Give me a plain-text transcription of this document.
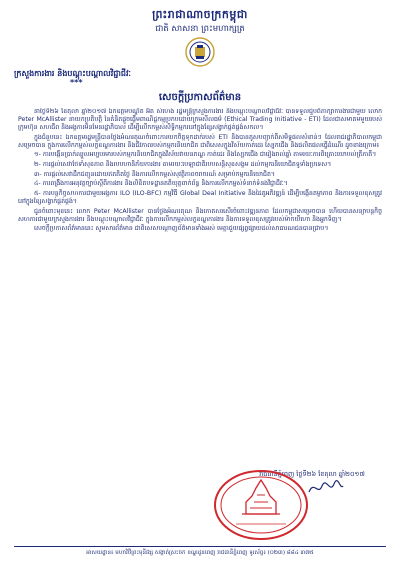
ព្រះរាជាណាចក្រកម្ពុជា
ជាតិ សាសនា ព្រះមហាក្សត្រ
ក្រសួងការងារ និងបណ្តុះបណ្តាលវិជ្ជាជីវៈ
***
សេចក្តីប្រកាសព័ត៌មាន

នាថ្ងៃទី២៦ ខែតុលា ឆ្នាំ២០១៧ ឯកឧត្តមបណ្ឌិត អ៊ិត សំហេង រដ្ឋមន្ត្រីក្រសួងការងារ និងបណ្តុះបណ្តាលវិជ្ជាជីវៈ បានទទួលជួបពិភាក្សាការងារជាមួយ លោក Peter McAllister នាយកប្រតិបត្តិ នៃគំនិតផ្តួចផ្តើមពាណិជ្ជកម្មប្រកបដោយក្រមសីលធម៌ (Ethical Trading Initiative - ETI) ដែលជាសមាគមមួយរបស់ក្រុមហ៊ុន សហជីព និងអង្គការមិនមែនរដ្ឋាភិបាល ដើម្បីលើកកម្ពស់សិទ្ធិកម្មករនៅក្នុងខ្សែសង្វាក់ផ្គត់ផ្គង់សកល។

ក្នុងជំនួបនេះ ឯកឧត្តមរដ្ឋមន្ត្រីបានថ្លែងអំណរគុណចំពោះការយកចិត្តទុកដាក់របស់ ETI និងបានគូសបញ្ជាក់ពីសមិទ្ធផលសំខាន់ៗ ដែលរាជរដ្ឋាភិបាលកម្ពុជាសម្រេចបាន ក្នុងការលើកកម្ពស់លក្ខខណ្ឌការងារ និងជីវភាពរបស់កម្មករនិយោជិត ជាពិសេសក្នុងវិស័យកាត់ដេរ ស្បែកជើង និងផលិតផលធ្វើដំណើរ ដូចខាងក្រោម៖

១- ការបង្កើនប្រាក់ឈ្នួលអប្បបរមារបស់កម្មករនិយោជិតក្នុងវិស័យវាយនភណ្ឌ កាត់ដេរ និងស្បែកជើង ជារៀងរាល់ឆ្នាំ តាមរយៈការពិគ្រោះយោបល់ត្រីភាគី។

២- ការផ្តល់សេវាថែទាំសុខភាព និងរបបហានិភ័យការងារ តាមរយៈបេឡាជាតិរបបសន្តិសុខសង្គម ដល់កម្មករនិយោជិតទូទាំងប្រទេស។

៣- ការផ្តល់សេវាដឹកជញ្ជូនដោយឥតគិតថ្លៃ និងការលើកកម្ពស់សុវត្ថិភាពចរាចរណ៍ សម្រាប់កម្មករនិយោជិត។

៤- ការពង្រឹងការអនុវត្តច្បាប់ស្តីពីការងារ និងលិខិតបទដ្ឋានគតិយុត្តពាក់ព័ន្ធ និងការលើកកម្ពស់ទំនាក់ទំនងវិជ្ជាជីវៈ។

៥- ការបន្តកិច្ចសហការជាមួយអង្គការ ILO (ILO-BFC) កម្មវិធី Global Deal Initiative និងដៃគូអភិវឌ្ឍន៍ ដើម្បីបង្កើនតម្លាភាព និងការទទួលខុសត្រូវនៅក្នុងខ្សែសង្វាក់ផ្គត់ផ្គង់។

ជូនចំពោះមុខនេះ លោក Peter McAllister បានថ្លែងអំណរគុណ និងកោតសរសើរចំពោះវឌ្ឍនភាព ដែលកម្ពុជាសម្រេចបាន ហើយបានសន្យាបន្តកិច្ចសហការជាមួយក្រសួងការងារ និងបណ្តុះបណ្តាលវិជ្ជាជីវៈ ក្នុងការលើកកម្ពស់លក្ខខណ្ឌការងារ និងការទទួលខុសត្រូវរបស់ម៉ាកយីហោ និងអ្នកទិញ។

សេចក្តីប្រកាសព័ត៌មាននេះ សូមសារព័ត៌មាន ជាពិសេសបណ្តាញព័ត៌មានទាំងអស់ មេត្តាជួយផ្សព្វផ្សាយដល់សាធារណជនបានជ្រាប។

រាជធានីភ្នំពេញ ថ្ងៃទី២៦ ខែតុលា ឆ្នាំ២០១៧
អាសយដ្ឋាន៖ មហាវិថីព្រះមុនីវង្ស សង្កាត់ស្រះចក ខណ្ឌដូនពេញ រាជធានីភ្នំពេញ ទូរស័ព្ទ៖ (០២៣) ៨៨៤ ៣៧៥
